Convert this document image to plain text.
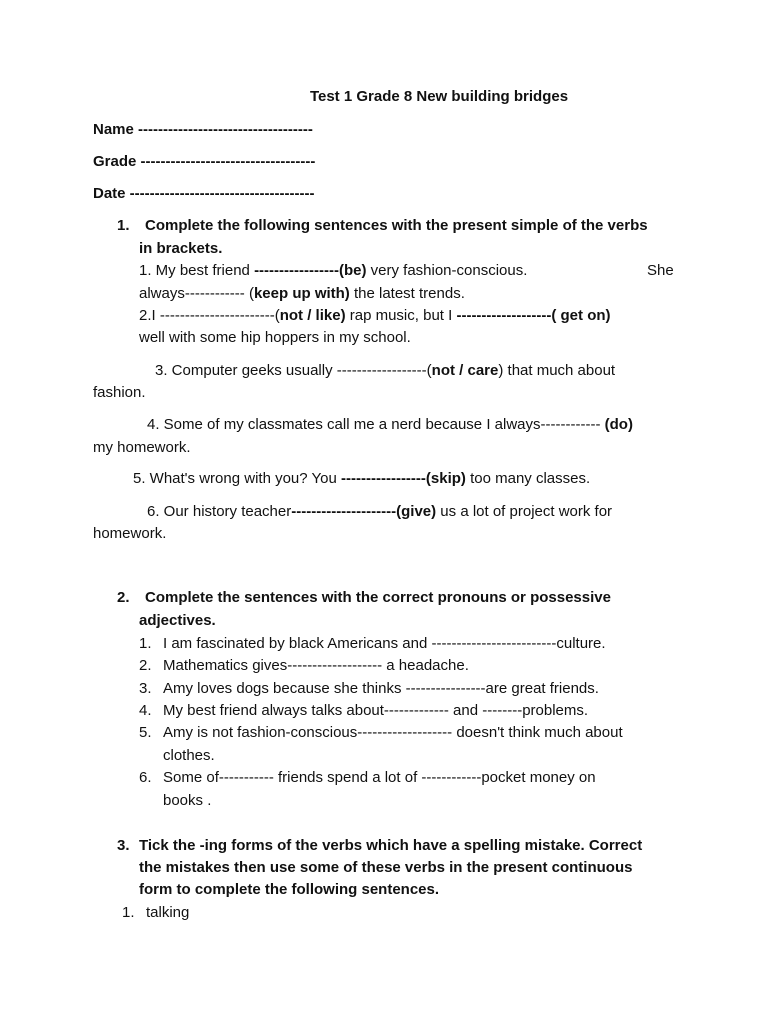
Test 1 Grade 8 New building bridges
Name -----------------------------------
Grade -----------------------------------
Date -------------------------------------
1. Complete the following sentences with the present simple of the verbs
in brackets.
1. My best friend -----------------(be) very fashion-conscious.	She
always------------ (keep up with) the latest trends.
2.I -----------------------(not / like) rap music, but I -------------------( get on)
well with some hip hoppers in my school.
3. Computer geeks usually ------------------(not / care) that much about
fashion.
4. Some of my classmates call me a nerd because I always------------ (do)
my homework.
5. What's wrong with you? You -----------------(skip) too many classes.
6. Our history teacher---------------------(give) us a lot of project work for
homework.
2. Complete the sentences with the correct pronouns or possessive
adjectives.
1. I am fascinated by black Americans and -------------------------culture.
2. Mathematics gives------------------- a headache.
3. Amy loves dogs because she thinks ----------------are great friends.
4. My best friend always talks about------------- and --------problems.
5. Amy is not fashion-conscious------------------- doesn't think much about
clothes.
6. Some of----------- friends spend a lot of ------------pocket money on
books .
3. Tick the -ing forms of the verbs which have a spelling mistake. Correct
the mistakes then use some of these verbs in the present continuous
form to complete the following sentences.
1. talking
